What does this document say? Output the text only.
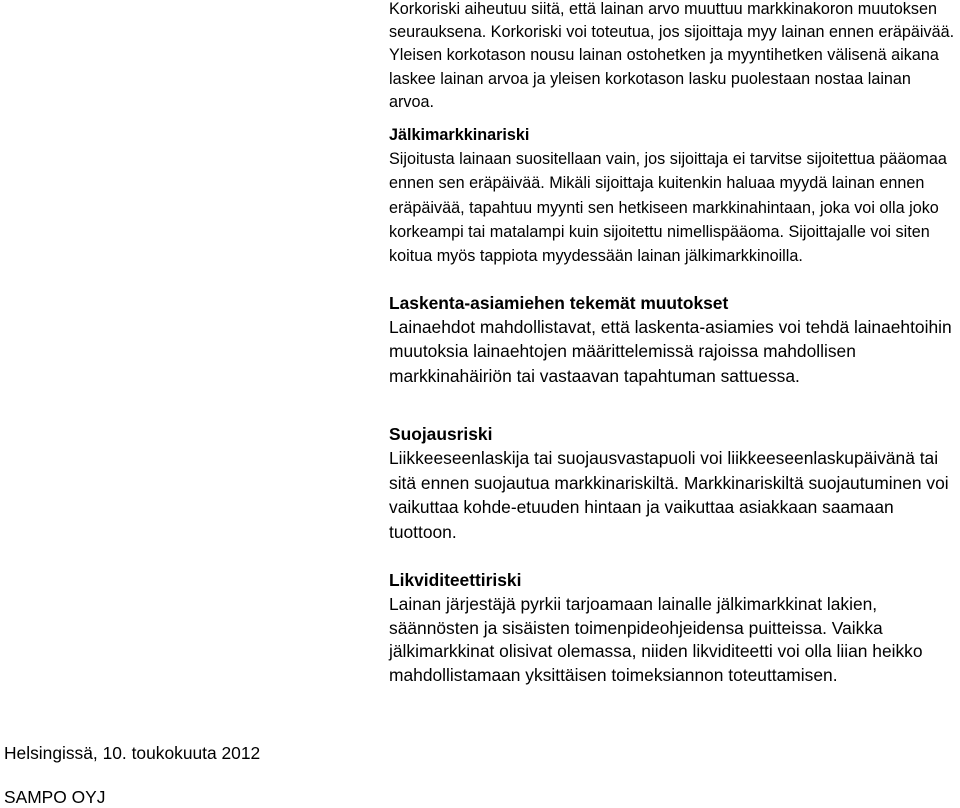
Korkoriski aiheutuu siitä, että lainan arvo muuttuu markkinakoron muutoksen seurauksena. Korkoriski voi toteutua, jos sijoittaja myy lainan ennen eräpäivää. Yleisen korkotason nousu lainan ostohetken ja myyntihetken välisenä aikana laskee lainan arvoa ja yleisen korkotason lasku puolestaan nostaa lainan arvoa.

Jälkimarkkinariski

Sijoitusta lainaan suositellaan vain, jos sijoittaja ei tarvitse sijoitettua pääomaa ennen sen eräpäivää. Mikäli sijoittaja kuitenkin haluaa myydä lainan ennen eräpäivää, tapahtuu myynti sen hetkiseen markkinahintaan, joka voi olla joko korkeampi tai matalampi kuin sijoitettu nimellispääoma. Sijoittajalle voi siten koitua myös tappiota myydessään lainan jälkimarkkinoilla.

Laskenta-asiamiehen tekemät muutokset

Lainaehdot mahdollistavat, että laskenta-asiamies voi tehdä lainaehtoihin muutoksia lainaehtojen määrittelemissä rajoissa mahdollisen markkinahäiriön tai vastaavan tapahtuman sattuessa.

Suojausriski

Liikkeeseenlaskija tai suojausvastapuoli voi liikkeeseenlaskupäivänä tai sitä ennen suojautua markkinariskiltä. Markkinariskiltä suojautuminen voi vaikuttaa kohde-etuuden hintaan ja vaikuttaa asiakkaan saamaan tuottoon.

Likviditeettiriski

Lainan järjestäjä pyrkii tarjoamaan lainalle jälkimarkkinat lakien, säännösten ja sisäisten toimenpideohjeidensa puitteissa. Vaikka jälkimarkkinat olisivat olemassa, niiden likviditeetti voi olla liian heikko mahdollistamaan yksittäisen toimeksiannon toteuttamisen.

Helsingissä, 10. toukokuuta 2012

SAMPO OYJ
